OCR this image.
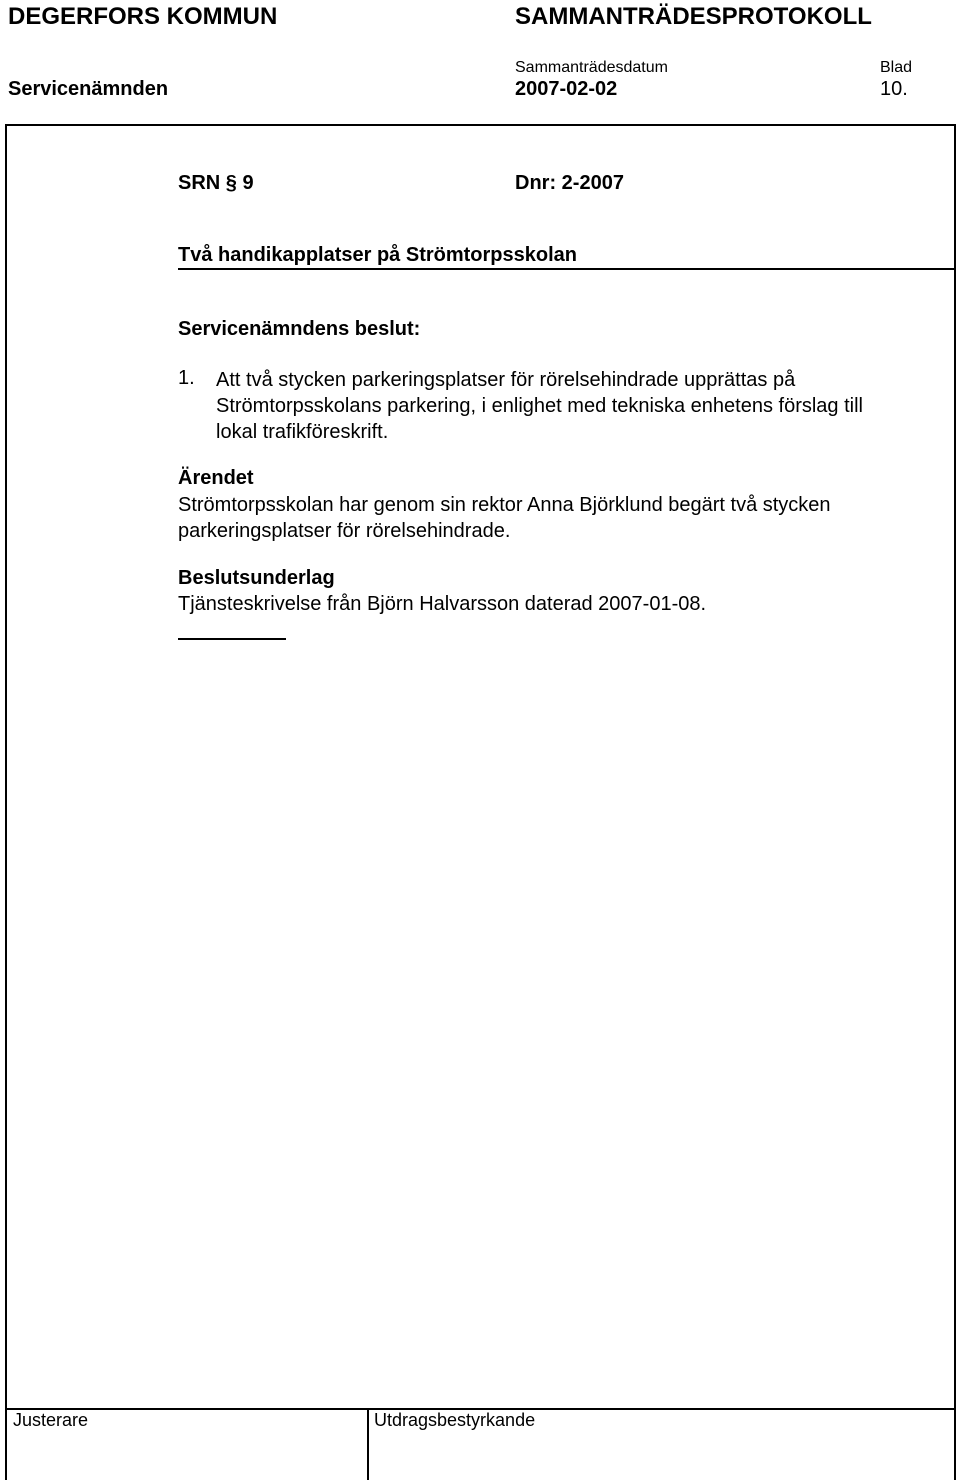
DEGERFORS KOMMUN	SAMMANTRÄDESPROTOKOLL
Sammanträdesdatum	Blad
Servicenämnden	2007-02-02	10.
SRN § 9	Dnr: 2-2007
Två handikapplatser på Strömtorpsskolan
Servicenämndens beslut:
1. Att två stycken parkeringsplatser för rörelsehindrade upprättas på
Strömtorpsskolans parkering, i enlighet med tekniska enhetens förslag till
lokal trafikföreskrift.
Ärendet
Strömtorpsskolan har genom sin rektor Anna Björklund begärt två stycken
parkeringsplatser för rörelsehindrade.
Beslutsunderlag
Tjänsteskrivelse från Björn Halvarsson daterad 2007-01-08.
Justerare	Utdragsbestyrkande
